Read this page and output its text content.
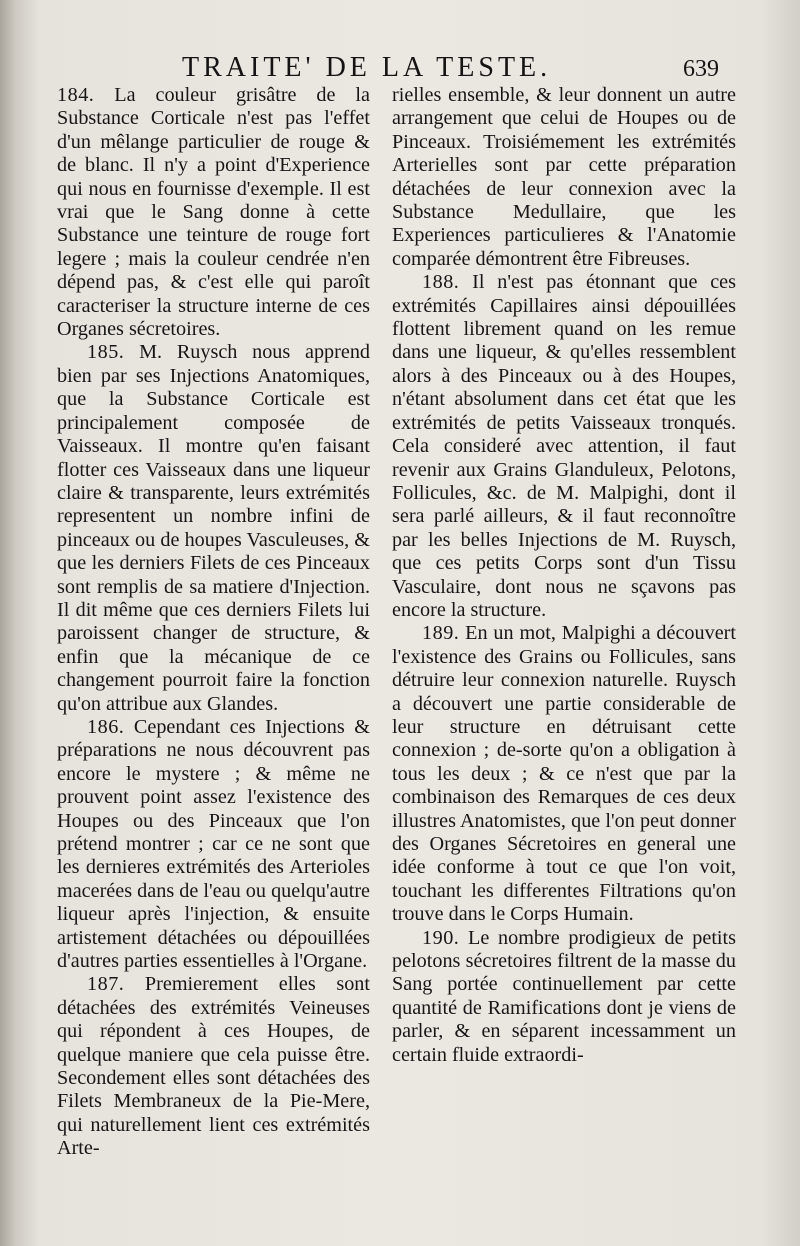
TRAITE' DE LA TESTE.	639

184. La couleur grisâtre de la Substance Corticale n'est pas l'effet d'un mêlange particulier de rouge & de blanc. Il n'y a point d'Experience qui nous en fournisse d'exemple. Il est vrai que le Sang donne à cette Substance une teinture de rouge fort legere ; mais la couleur cendrée n'en dépend pas, & c'est elle qui paroît caracteriser la structure interne de ces Organes sécretoires.

185. M. Ruysch nous apprend bien par ses Injections Anatomiques, que la Substance Corticale est principalement composée de Vaisseaux. Il montre qu'en faisant flotter ces Vaisseaux dans une liqueur claire & transparente, leurs extrémités representent un nombre infini de pinceaux ou de houpes Vasculeuses, & que les derniers Filets de ces Pinceaux sont remplis de sa matiere d'Injection. Il dit même que ces derniers Filets lui paroissent changer de structure, & enfin que la mécanique de ce changement pourroit faire la fonction qu'on attribue aux Glandes.

186. Cependant ces Injections & préparations ne nous découvrent pas encore le mystere ; & même ne prouvent point assez l'existence des Houpes ou des Pinceaux que l'on prétend montrer ; car ce ne sont que les dernieres extrémités des Arterioles macerées dans de l'eau ou quelqu'autre liqueur après l'injection, & ensuite artistement détachées ou dépouillées d'autres parties essentielles à l'Organe.

187. Premierement elles sont détachées des extrémités Veineuses qui répondent à ces Houpes, de quelque maniere que cela puisse être. Secondement elles sont détachées des Filets Membraneux de la Pie-Mere, qui naturellement lient ces extrémités Arte-

rielles ensemble, & leur donnent un autre arrangement que celui de Houpes ou de Pinceaux. Troisiémement les extrémités Arterielles sont par cette préparation détachées de leur connexion avec la Substance Medullaire, que les Experiences particulieres & l'Anatomie comparée démontrent être Fibreuses.

188. Il n'est pas étonnant que ces extrémités Capillaires ainsi dépouillées flottent librement quand on les remue dans une liqueur, & qu'elles ressemblent alors à des Pinceaux ou à des Houpes, n'étant absolument dans cet état que les extrémités de petits Vaisseaux tronqués. Cela consideré avec attention, il faut revenir aux Grains Glanduleux, Pelotons, Follicules, &c. de M. Malpighi, dont il sera parlé ailleurs, & il faut reconnoître par les belles Injections de M. Ruysch, que ces petits Corps sont d'un Tissu Vasculaire, dont nous ne sçavons pas encore la structure.

189. En un mot, Malpighi a découvert l'existence des Grains ou Follicules, sans détruire leur connexion naturelle. Ruysch a découvert une partie considerable de leur structure en détruisant cette connexion ; de-sorte qu'on a obligation à tous les deux ; & ce n'est que par la combinaison des Remarques de ces deux illustres Anatomistes, que l'on peut donner des Organes Sécretoires en general une idée conforme à tout ce que l'on voit, touchant les differentes Filtrations qu'on trouve dans le Corps Humain.

190. Le nombre prodigieux de petits pelotons sécretoires filtrent de la masse du Sang portée continuellement par cette quantité de Ramifications dont je viens de parler, & en séparent incessamment un certain fluide extraordi-
